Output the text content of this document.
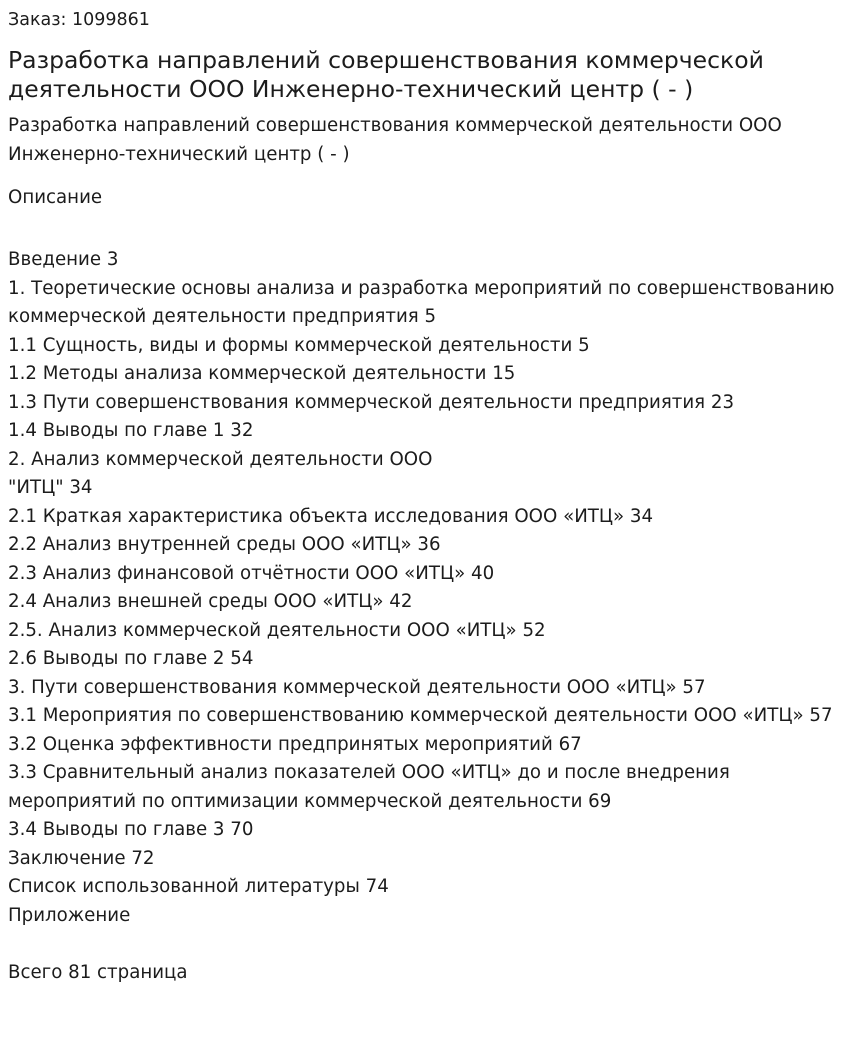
Заказ: 1099861

Разработка направлений совершенствования коммерческой деятельности ООО Инженерно-технический центр ( - )

Разработка направлений совершенствования коммерческой деятельности ООО Инженерно-технический центр ( - )

Описание
Введение 3
1. Теоретические основы анализа и разработка мероприятий по совершенствованию коммерческой деятельности предприятия 5
1.1 Сущность, виды и формы коммерческой деятельности 5
1.2 Методы анализа коммерческой деятельности 15
1.3 Пути совершенствования коммерческой деятельности предприятия 23
1.4 Выводы по главе 1 32
2. Анализ коммерческой деятельности ООО
"ИТЦ" 34
2.1 Краткая характеристика объекта исследования ООО «ИТЦ» 34
2.2 Анализ внутренней среды ООО «ИТЦ» 36
2.3 Анализ финансовой отчётности ООО «ИТЦ» 40
2.4 Анализ внешней среды ООО «ИТЦ» 42
2.5. Анализ коммерческой деятельности ООО «ИТЦ» 52
2.6 Выводы по главе 2 54
3. Пути совершенствования коммерческой деятельности ООО «ИТЦ» 57
3.1 Мероприятия по совершенствованию коммерческой деятельности ООО «ИТЦ» 57
3.2 Оценка эффективности предпринятых мероприятий 67
3.3 Сравнительный анализ показателей ООО «ИТЦ» до и после внедрения мероприятий по оптимизации коммерческой деятельности 69
3.4 Выводы по главе 3 70
Заключение 72
Список использованной литературы 74
Приложение
Всего 81 страница
